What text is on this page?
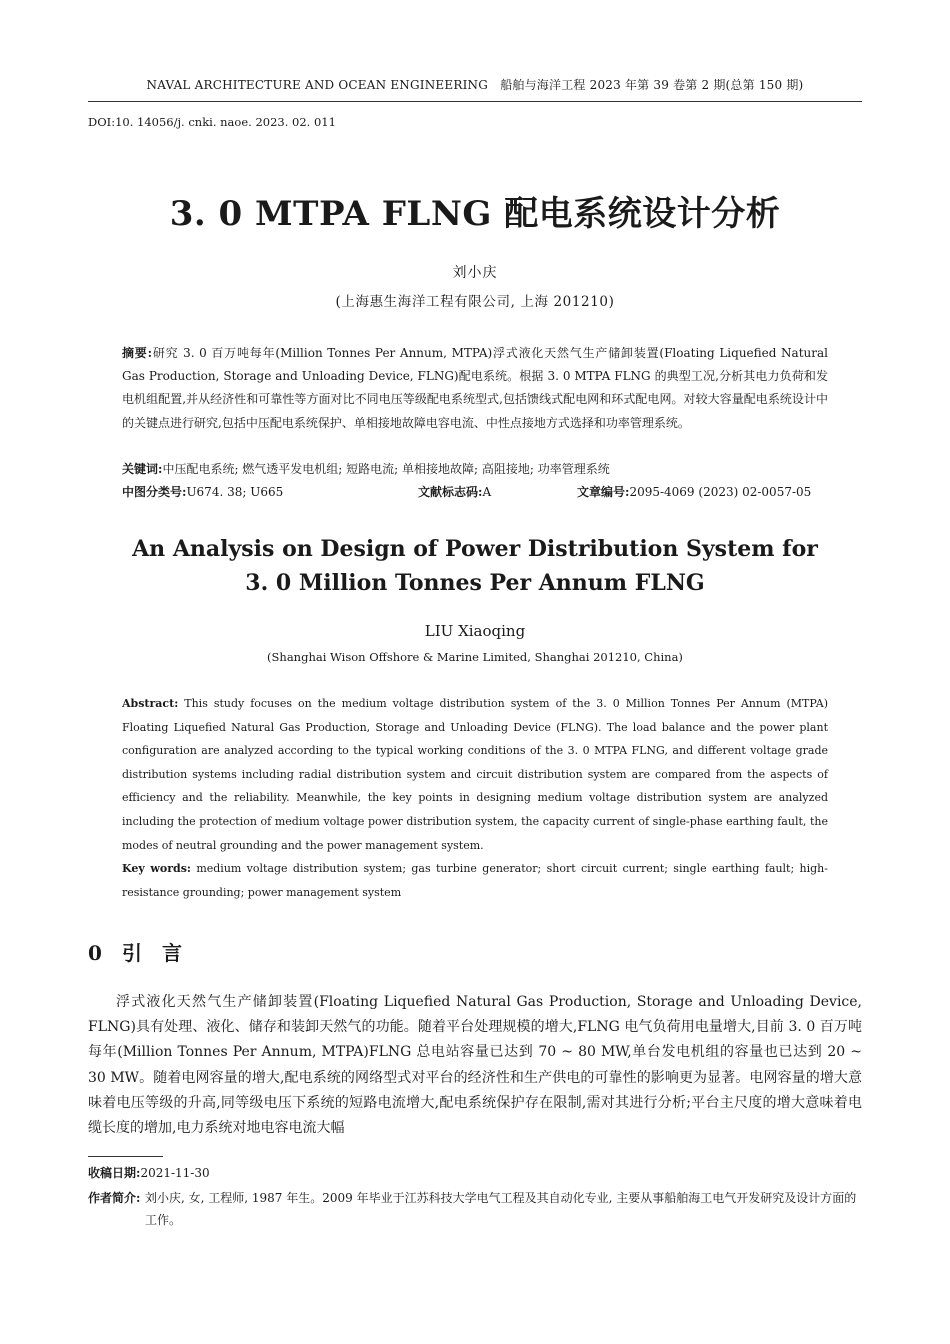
NAVAL ARCHITECTURE AND OCEAN ENGINEERING　船舶与海洋工程 2023 年第 39 卷第 2 期(总第 150 期)
DOI:10. 14056/j. cnki. naoe. 2023. 02. 011
3. 0 MTPA FLNG 配电系统设计分析
刘小庆
(上海惠生海洋工程有限公司, 上海 201210)
摘要:研究 3. 0 百万吨每年(Million Tonnes Per Annum, MTPA)浮式液化天然气生产储卸装置(Floating Liquefied Natural Gas Production, Storage and Unloading Device, FLNG)配电系统。根据 3. 0 MTPA FLNG 的典型工况,分析其电力负荷和发电机组配置,并从经济性和可靠性等方面对比不同电压等级配电系统型式,包括馈线式配电网和环式配电网。对较大容量配电系统设计中的关键点进行研究,包括中压配电系统保护、单相接地故障电容电流、中性点接地方式选择和功率管理系统。
关键词:中压配电系统; 燃气透平发电机组; 短路电流; 单相接地故障; 高阻接地; 功率管理系统
中图分类号:U674. 38; U665	文献标志码:A	文章编号:2095-4069 (2023) 02-0057-05
An Analysis on Design of Power Distribution System for
3. 0 Million Tonnes Per Annum FLNG
LIU Xiaoqing
(Shanghai Wison Offshore & Marine Limited, Shanghai 201210, China)
Abstract: This study focuses on the medium voltage distribution system of the 3. 0 Million Tonnes Per Annum (MTPA) Floating Liquefied Natural Gas Production, Storage and Unloading Device (FLNG). The load balance and the power plant configuration are analyzed according to the typical working conditions of the 3. 0 MTPA FLNG, and different voltage grade distribution systems including radial distribution system and circuit distribution system are compared from the aspects of efficiency and the reliability. Meanwhile, the key points in designing medium voltage distribution system are analyzed including the protection of medium voltage power distribution system, the capacity current of single-phase earthing fault, the modes of neutral grounding and the power management system.
Key words: medium voltage distribution system; gas turbine generator; short circuit current; single earthing fault; high-resistance grounding; power management system
0 引言

浮式液化天然气生产储卸装置(Floating Liquefied Natural Gas Production, Storage and Unloading Device, FLNG)具有处理、液化、储存和装卸天然气的功能。随着平台处理规模的增大,FLNG 电气负荷用电量增大,目前 3. 0 百万吨每年(Million Tonnes Per Annum, MTPA)FLNG 总电站容量已达到 70 ~ 80 MW,单台发电机组的容量也已达到 20 ~ 30 MW。随着电网容量的增大,配电系统的网络型式对平台的经济性和生产供电的可靠性的影响更为显著。电网容量的增大意味着电压等级的升高,同等级电压下系统的短路电流增大,配电系统保护存在限制,需对其进行分析;平台主尺度的增大意味着电缆长度的增加,电力系统对地电容电流大幅

收稿日期:2021-11-30
作者简介: 刘小庆, 女, 工程师, 1987 年生。2009 年毕业于江苏科技大学电气工程及其自动化专业, 主要从事船舶海工电气开发研究及设计方面的工作。
